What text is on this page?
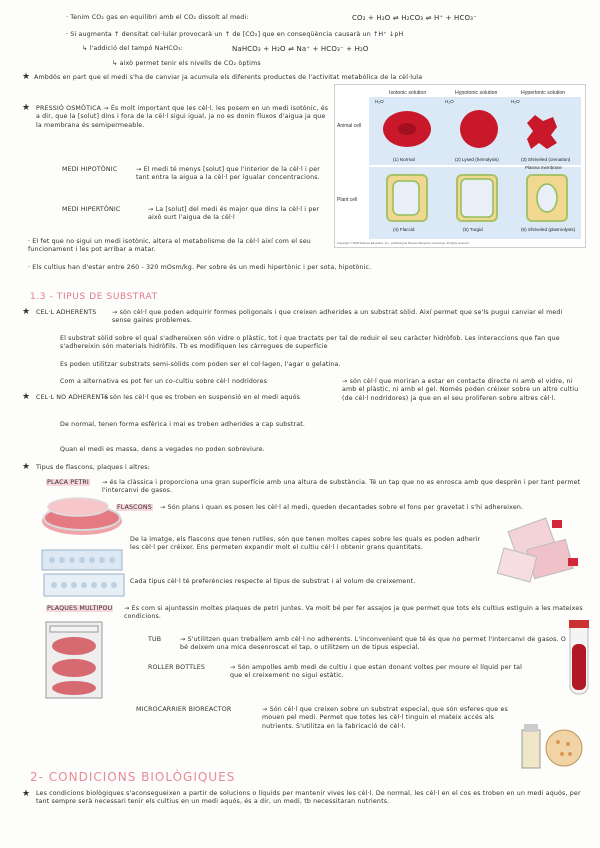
· Tenim CO₂ gas en equilibri amb el CO₂ dissolt al medi:	CO₂ + H₂O ⇌ H₂CO₃ ⇌ H⁺ + HCO₃⁻
· Si augmenta ↑ densitat cel·lular provocarà un ↑ de [CO₂] que en conseqüència causarà un ↑H⁺ ↓pH
↳ l'addició del tampó NaHCO₃:	NaHCO₃ + H₂O ⇌ Na⁺ + HCO₃⁻ + H₂O
↳ això permet tenir els nivells de CO₂ òptims
★ Ambdós en part que el medi s'ha de canviar ja acumula els diferents productes de l'activitat metabòlica de la cèl·lula
★ PRESSIÓ OSMÒTICA → És molt important que les cèl·l. les posem en un medi isotònic, és a dir, que la [solut] dins i fora de la cèl·l sigui igual, ja no es donin fluxos d'aigua ja que la membrana és semipermeable.
MEDI HIPOTÒNIC	→ El medi té menys [solut] que l'interior de la cèl·l i per tant entra la aigua a la cèl·l per igualar concentracions.
MEDI HIPERTÒNIC	→ La [solut] del medi és major que dins la cèl·l i per això surt l'aigua de la cèl·l
· El fet que no sigui un medi isotònic, altera el metabolisme de la cèl·l així com el seu funcionament i les pot arribar a matar.
· Els cultius han d'estar entre 260 - 320 mOsm/kg. Per sobre és un medi hipertònic i per sota, hipotònic.
Isotonic solution	Hypotonic solution	Hypertonic solution
Animal cell
Plant cell
H₂O	H₂O	H₂O
(1) Normal	(2) Lysed (hemolysis)	(3) Shriveled (crenation)
Plasma membrane
(4) Flaccid	(5) Turgid	(6) Shriveled (plasmolysis)
Copyright © 2008 Pearson Education, Inc., publishing as Pearson Benjamin Cummings. All rights reserved.
1.3 - TIPUS DE SUBSTRAT
★ CEL·L ADHERENTS	→ són cèl·l que poden adquirir formes poligonals i que creixen adherides a un substrat sòlid. Així permet que se'ls pugui canviar el medi sense gaires problemes.
El substrat sòlid sobre el qual s'adhereixen són vidre o plàstic, tot i que tractats per tal de reduir el seu caràcter hidròfob. Les interaccions que fan que s'adhereixin són materials hidròfils. Tb es modifiquen les càrregues de superfície
Es poden utilitzar substrats semi-sòlids com poden ser el col·lagen, l'agar o gelatina.
Com a alternativa es pot fer un co-cultiu sobre cèl·l nodridores	→ són cèl·l que moriran a estar en contacte directe ni amb el vidre, ni amb el plàstic, ni amb el gel. Només poden créixer sobre un altre cultiu (de cèl·l nodridores) ja que en el seu proliferen sobre altres cèl·l.
★ CEL·L NO ADHERENTS
→ són les cèl·l que es troben en suspensió en el medi aquós
De normal, tenen forma esfèrica i mai es troben adherides a cap substrat.
Quan el medi es massa, dens a vegades no poden sobreviure.
★ Tipus de flascons, plaques i altres:
PLACA PETRI	→ és la clàssica i proporciona una gran superfície amb una altura de substància. Té un tap que no es enrosca amb que desprèn i per tant permet l'intercanvi de gasos.
FLASCONS	→ Són plans i quan es posen les cèl·l al medi, queden decantades sobre el fons per gravetat i s'hi adhereixen.
De la imatge, els flascons que tenen rutlles, són que tenen moltes capes sobre les quals es poden adherir les cèl·l per créixer. Ens permeten expandir molt el cultiu cèl·l i obtenir grans quantitats.
Cada tipus cèl·l té preferències respecte al tipus de substrat i al volum de creixement.
PLAQUES MULTIPOU	→ Es com si ajuntessin moltes plaques de petri juntes. Va molt bé per fer assajos ja que permet que tots els cultius estiguin a les mateixes condicions.
TUB	→ S'utilitzen quan treballem amb cèl·l no adherents. L'inconvenient que té és que no permet l'intercanvi de gasos. O bé deixem una mica desenroscat el tap, o utilitzem un de tipus especial.
ROLLER BOTTLES	→ Són ampolles amb medi de cultiu i que estan donant voltes per moure el líquid per tal que el creixement no sigui estàtic.
MICROCARRIER BIOREACTOR	→ Són cèl·l que creixen sobre un substrat especial, que són esferes que es mouen pel medi. Permet que totes les cèl·l tinguin el mateix accés als nutrients. S'utilitza en la fabricació de cèl·l.
2- CONDICIONS BIOLÒGIQUES
★ Les condicions biològiques s'aconsegueixen a partir de solucions o líquids per mantenir vives les cèl·l. De normal, les cèl·l en el cos es troben en un medi aquós, per tant sempre serà necessari tenir els cultius en un medi aquós, és a dir, un medi, tb necessitaran nutrients.
